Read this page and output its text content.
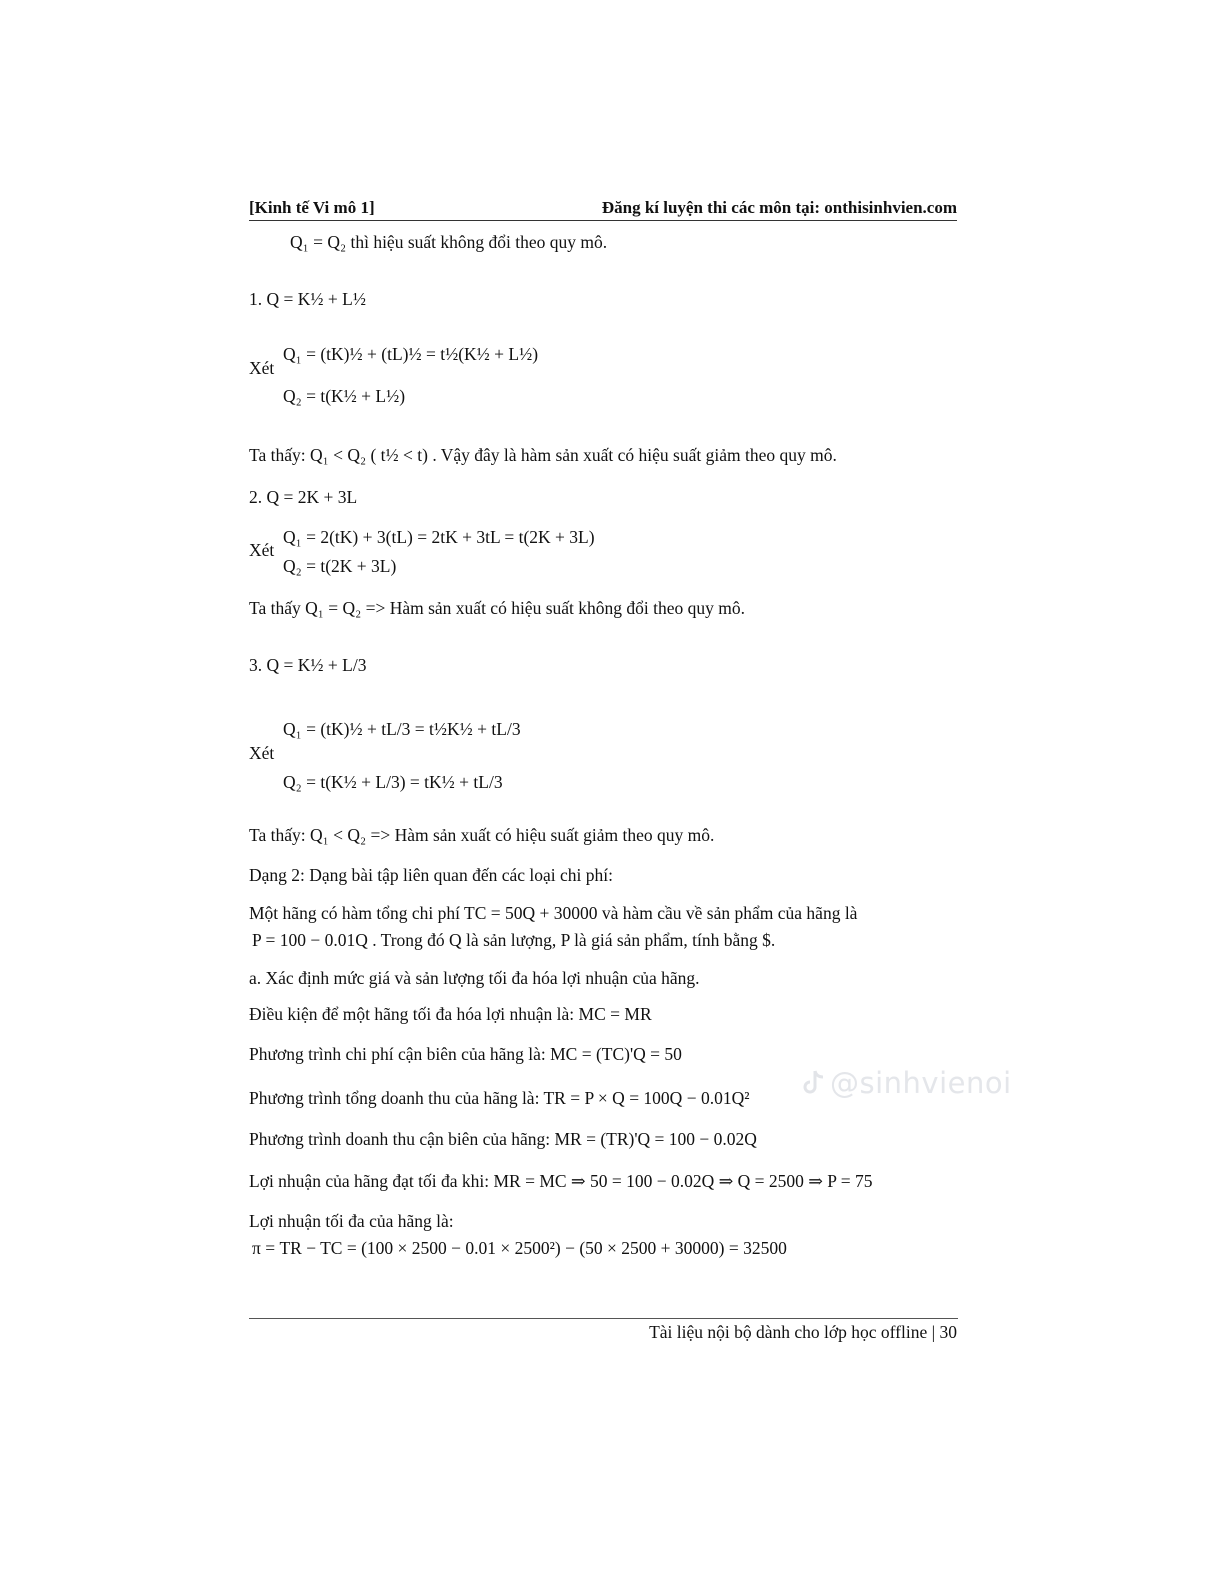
[Kinh tế Vi mô 1]	Đăng kí luyện thi các môn tại: onthisinhvien.com
Q₁ = Q₂ thì hiệu suất không đổi theo quy mô.
1. Q = K½ + L½
Xét
Q₁ = (tK)½ + (tL)½ = t½(K½ + L½)
Q₂ = t(K½ + L½)
Ta thấy: Q₁ < Q₂ ( t½ < t) . Vậy đây là hàm sản xuất có hiệu suất giảm theo quy mô.
2. Q = 2K + 3L
Xét
Q₁ = 2(tK) + 3(tL) = 2tK + 3tL = t(2K + 3L)
Q₂ = t(2K + 3L)
Ta thấy Q₁ = Q₂ => Hàm sản xuất có hiệu suất không đổi theo quy mô.
3. Q = K½ + L/3
Xét
Q₁ = (tK)½ + tL/3 = t½K½ + tL/3
Q₂ = t(K½ + L/3) = tK½ + tL/3
Ta thấy: Q₁ < Q₂ => Hàm sản xuất có hiệu suất giảm theo quy mô.
Dạng 2: Dạng bài tập liên quan đến các loại chi phí:
Một hãng có hàm tổng chi phí TC = 50Q + 30000 và hàm cầu về sản phẩm của hãng là
P = 100 − 0.01Q . Trong đó Q là sản lượng, P là giá sản phẩm, tính bằng $.
a. Xác định mức giá và sản lượng tối đa hóa lợi nhuận của hãng.
Điều kiện để một hãng tối đa hóa lợi nhuận là: MC = MR
Phương trình chi phí cận biên của hãng là: MC = (TC)'Q = 50
Phương trình tổng doanh thu của hãng là: TR = P × Q = 100Q − 0.01Q²
Phương trình doanh thu cận biên của hãng: MR = (TR)'Q = 100 − 0.02Q
Lợi nhuận của hãng đạt tối đa khi: MR = MC ⇒ 50 = 100 − 0.02Q ⇒ Q = 2500 ⇒ P = 75
Lợi nhuận tối đa của hãng là:
π = TR − TC = (100 × 2500 − 0.01 × 2500²) − (50 × 2500 + 30000) = 32500
@sinhvienoi
Tài liệu nội bộ dành cho lớp học offline | 30
